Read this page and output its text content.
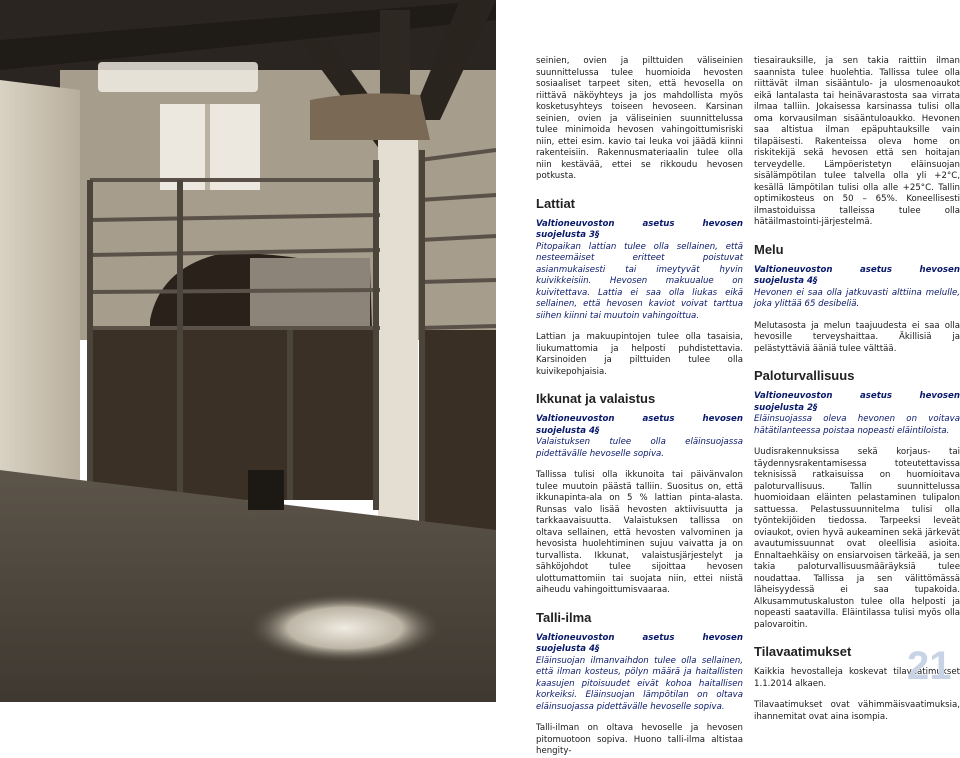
seinien, ovien ja pilttuiden väliseinien suunnittelussa tulee huomioida hevosten sosiaaliset tarpeet siten, että hevosella on riittävä näköyhteys ja jos mahdollista myös kosketusyhteys toiseen hevoseen. Karsinan seinien, ovien ja väliseinien suunnittelussa tulee minimoida hevosen vahingoittumisriski niin, ettei esim. kavio tai leuka voi jäädä kiinni rakenteisiin. Rakennusmateriaalin tulee olla niin kestävää, ettei se rikkoudu hevosen potkusta.

Lattiat

Valtioneuvoston asetus hevosen suojelusta 3§

Pitopaikan lattian tulee olla sellainen, että nesteemäiset eritteet poistuvat asianmukaisesti tai imeytyvät hyvin kuivikkeisiin. Hevosen makuualue on kuivitettava. Lattia ei saa olla liukas eikä sellainen, että hevosen kaviot voivat tarttua siihen kiinni tai muutoin vahingoittua.

Lattian ja makuupintojen tulee olla tasaisia, liukumattomia ja helposti puhdistettavia. Karsinoiden ja pilttuiden tulee olla kuivikepohjaisia.

Ikkunat ja valaistus

Valtioneuvoston asetus hevosen suojelusta 4§

Valaistuksen tulee olla eläinsuojassa pidettävälle hevoselle sopiva.

Tallissa tulisi olla ikkunoita tai päivänvalon tulee muutoin päästä talliin. Suositus on, että ikkunapinta-ala on 5 % lattian pinta-alasta. Runsas valo lisää hevosten aktiivisuutta ja tarkkaavaisuutta. Valaistuksen tallissa on oltava sellainen, että hevosten valvominen ja hevosista huolehtiminen sujuu vaivatta ja on turvallista. Ikkunat, valaistusjärjestelyt ja sähköjohdot tulee sijoittaa hevosen ulottumattomiin tai suojata niin, ettei niistä aiheudu vahingoittumisvaaraa.

Talli-ilma

Valtioneuvoston asetus hevosen suojelusta 4§

Eläinsuojan ilmanvaihdon tulee olla sellainen, että ilman kosteus, pölyn määrä ja haitallisten kaasujen pitoisuudet eivät kohoa haitallisen korkeiksi. Eläinsuojan lämpötilan on oltava eläinsuojassa pidettävälle hevoselle sopiva.

Talli-ilman on oltava hevoselle ja hevosen pitomuotoon sopiva. Huono talli-ilma altistaa hengity-

tiesairauksille, ja sen takia raittiin ilman saannista tulee huolehtia. Tallissa tulee olla riittävät ilman sisääntulo- ja ulosmenoaukot eikä lantalasta tai heinävarastosta saa virrata ilmaa talliin. Jokaisessa karsinassa tulisi olla oma korvausilman sisääntuloaukko. Hevonen saa altistua ilman epäpuhtauksille vain tilapäisesti. Rakenteissa oleva home on riskitekijä sekä hevosen että sen hoitajan terveydelle. Lämpöeristetyn eläinsuojan sisälämpötilan tulee talvella olla yli +2°C, kesällä lämpötilan tulisi olla alle +25°C. Tallin optimikosteus on 50 – 65%. Koneellisesti ilmastoiduissa talleissa tulee olla hätäilmastointi-järjestelmä.

Melu

Valtioneuvoston asetus hevosen suojelusta 4§

Hevonen ei saa olla jatkuvasti alttiina melulle, joka ylittää 65 desibeliä.

Melutasosta ja melun taajuudesta ei saa olla hevosille terveyshaittaa. Äkillisiä ja pelästyttäviä ääniä tulee välttää.

Paloturvallisuus

Valtioneuvoston asetus hevosen suojelusta 2§

Eläinsuojassa oleva hevonen on voitava hätätilanteessa poistaa nopeasti eläintiloista.

Uudisrakennuksissa sekä korjaus- tai täydennysrakentamisessa toteutettavissa teknisissä ratkaisuissa on huomioitava paloturvallisuus. Tallin suunnittelussa huomioidaan eläinten pelastaminen tulipalon sattuessa. Pelastussuunnitelma tulisi olla työntekijöiden tiedossa. Tarpeeksi leveät oviaukot, ovien hyvä aukeaminen sekä järkevät avautumissuunnat ovat oleellisia asioita. Ennaltaehkäisy on ensiarvoisen tärkeää, ja sen takia paloturvallisuusmääräyksiä tulee noudattaa. Tallissa ja sen välittömässä läheisyydessä ei saa tupakoida. Alkusammutuskaluston tulee olla helposti ja nopeasti saatavilla. Eläintilassa tulisi myös olla palovaroitin.

Tilavaatimukset

Kaikkia hevostalleja koskevat tilavaatimukset 1.1.2014 alkaen.

Tilavaatimukset ovat vähimmäisvaatimuksia, ihannemitat ovat aina isompia.

21
